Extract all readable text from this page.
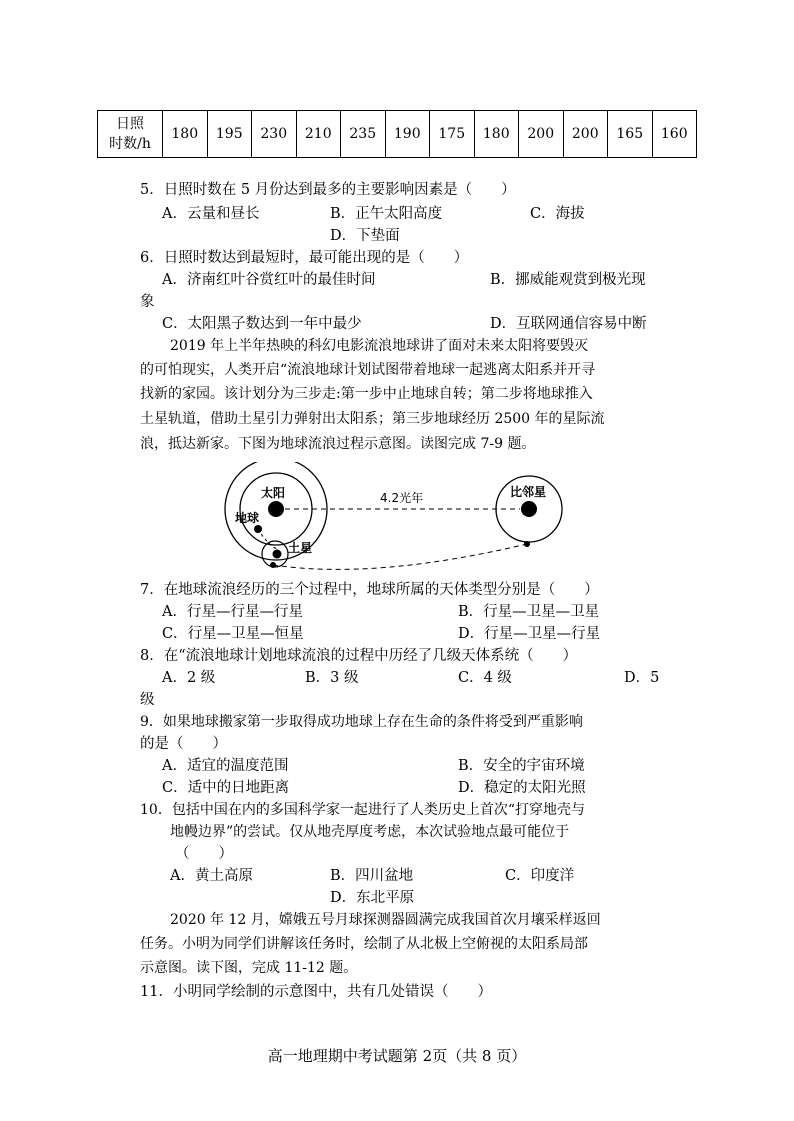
日照
时数/h	180	195	230	210	235	190	175	180	200	200	165	160
5．日照时数在 5 月份达到最多的主要影响因素是（　　）
A．云量和昼长	B．正午太阳高度	C．海拔
D．下垫面
6．日照时数达到最短时，最可能出现的是（　　）
A．济南红叶谷赏红叶的最佳时间	B．挪威能观赏到极光现
象
C．太阳黑子数达到一年中最少	D．互联网通信容易中断
2019 年上半年热映的科幻电影流浪地球讲了面对未来太阳将要毁灭
的可怕现实，人类开启“流浪地球计划试图带着地球一起逃离太阳系并开寻
找新的家园。该计划分为三步走:第一步中止地球自转；第二步将地球推入
土星轨道，借助土星引力弹射出太阳系；第三步地球经历 2500 年的星际流
浪，抵达新家。下图为地球流浪过程示意图。读图完成 7-9 题。
太阳
地球
土星
比邻星
4.2光年
7．在地球流浪经历的三个过程中，地球所属的天体类型分别是（　　）
A．行星—行星—行星	B．行星—卫星—卫星
C．行星—卫星—恒星	D．行星—卫星—行星
8．在“流浪地球计划地球流浪的过程中历经了几级天体系统（　　）
A．2 级	B．3 级	C．4 级	D．5
级
9．如果地球搬家第一步取得成功地球上存在生命的条件将受到严重影响
的是（　　）
A．适宜的温度范围	B．安全的宇宙环境
C．适中的日地距离	D．稳定的太阳光照
10．包括中国在内的多国科学家一起进行了人类历史上首次“打穿地壳与
地幔边界”的尝试。仅从地壳厚度考虑，本次试验地点最可能位于
（　　）
A．黄土高原	B．四川盆地	C．印度洋
D．东北平原
2020 年 12 月，嫦娥五号月球探测器圆满完成我国首次月壤采样返回
任务。小明为同学们讲解该任务时，绘制了从北极上空俯视的太阳系局部
示意图。读下图，完成 11-12 题。
11．小明同学绘制的示意图中，共有几处错误（　　）
高一地理期中考试题第 2页（共 8 页）
